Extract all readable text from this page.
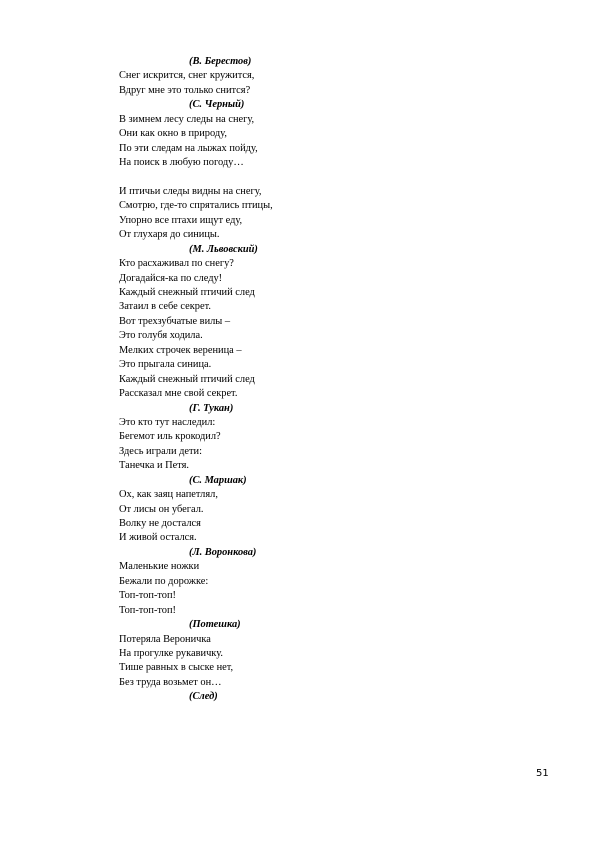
(В. Берестов)
Снег искрится, снег кружится,
Вдруг мне это только снится?
(С. Черный)
В зимнем лесу следы на снегу,
Они как окно в природу,
По эти следам на лыжах пойду,
На поиск в любую погоду…
И птичьи следы видны на снегу,
Смотрю, где-то спрятались птицы,
Упорно все птахи ищут еду,
От глухаря до синицы.
(М. Львовский)
Кто расхаживал по снегу?
Догадайся-ка по следу!
Каждый снежный птичий след
Затаил в себе секрет.
Вот трехзубчатые вилы –
Это голубя ходила.
Мелких строчек вереница –
Это прыгала синица.
Каждый снежный птичий след
Рассказал мне свой секрет.
(Г. Тукан)
Это кто тут наследил:
Бегемот иль крокодил?
Здесь играли дети:
Танечка и Петя.
(С. Маршак)
Ох, как заяц напетлял,
От лисы он убегал.
Волку не достался
И живой остался.
(Л. Воронкова)
Маленькие ножки
Бежали по дорожке:
Топ-топ-топ!
Топ-топ-топ!
(Потешка)
Потеряла Вероничка
На прогулке рукавичку.
Тише равных в сыске нет,
Без труда возьмет он…
(След)
51
